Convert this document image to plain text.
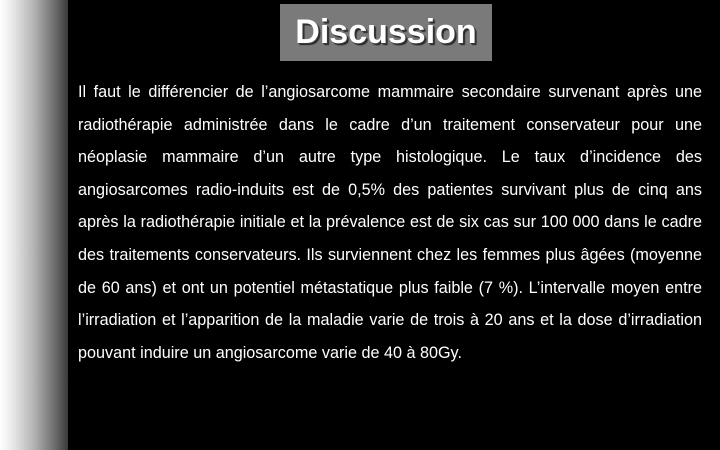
Discussion

Il faut le différencier de l’angiosarcome mammaire secondaire survenant après une radiothérapie administrée dans le cadre d’un traitement conservateur pour une néoplasie mammaire d’un autre type histologique. Le taux d’incidence des angiosarcomes radio-induits est de 0,5% des patientes survivant plus de cinq ans après la radiothérapie initiale et la prévalence est de six cas sur 100 000 dans le cadre des traitements conservateurs. Ils surviennent chez les femmes plus âgées (moyenne de 60 ans) et ont un potentiel métastatique plus faible (7 %). L’intervalle moyen entre l’irradiation et l’apparition de la maladie varie de trois à 20 ans et la dose d’irradiation pouvant induire un angiosarcome varie de 40 à 80Gy.
